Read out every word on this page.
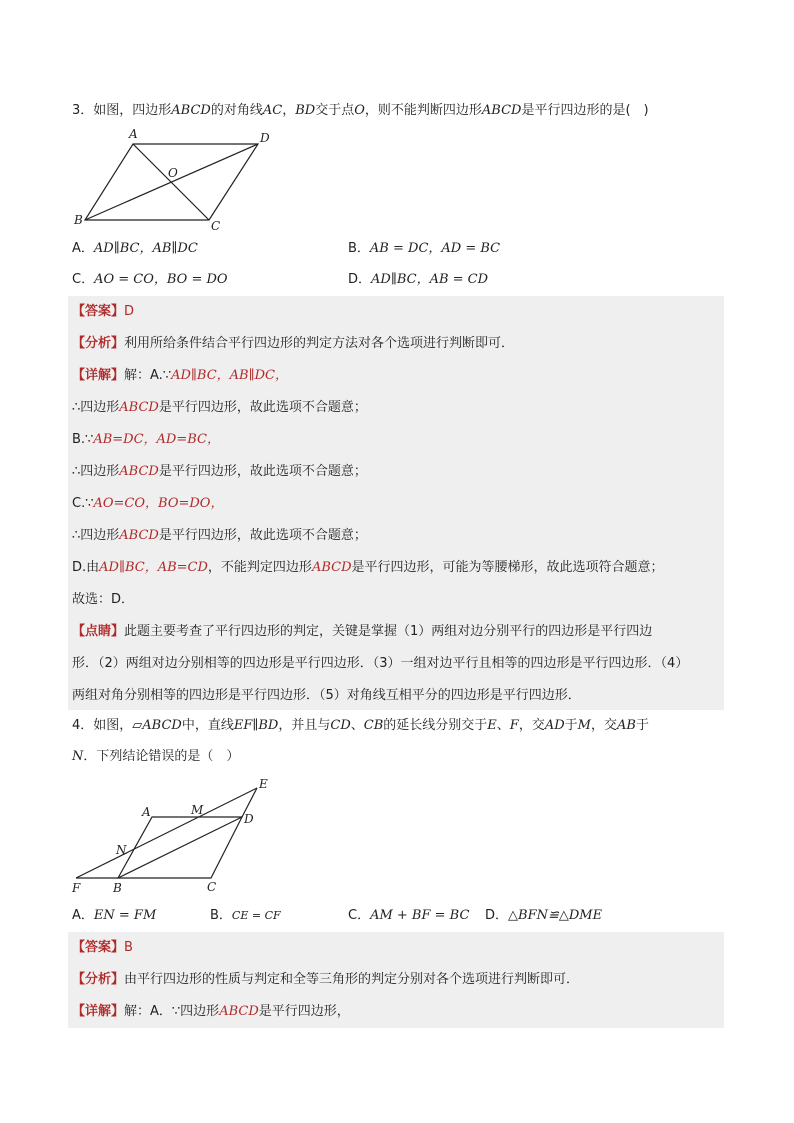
3．如图，四边形ABCD的对角线AC，BD交于点O，则不能判断四边形ABCD是平行四边形的是(　)
A	D
O
B	C
A．AD∥BC，AB∥DC	B．AB = DC，AD = BC
C．AO = CO，BO = DO	D．AD∥BC，AB = CD
【答案】D
【分析】利用所给条件结合平行四边形的判定方法对各个选项进行判断即可．
【详解】解：A.∵AD∥BC，AB∥DC，
∴四边形ABCD是平行四边形，故此选项不合题意；
B.∵AB=DC，AD=BC，
∴四边形ABCD是平行四边形，故此选项不合题意；
C.∵AO=CO，BO=DO，
∴四边形ABCD是平行四边形，故此选项不合题意；
D.由AD∥BC，AB=CD，不能判定四边形ABCD是平行四边形，可能为等腰梯形，故此选项符合题意；
故选：D．
【点睛】此题主要考查了平行四边形的判定，关键是掌握（1）两组对边分别平行的四边形是平行四边
形．（2）两组对边分别相等的四边形是平行四边形．（3）一组对边平行且相等的四边形是平行四边形．（4）
两组对角分别相等的四边形是平行四边形．（5）对角线互相平分的四边形是平行四边形．
4．如图，▱ABCD中，直线EF∥BD，并且与CD、CB的延长线分别交于E、F，交AD于M，交AB于
N．下列结论错误的是（　）
E
A	M
D
N
F	B	C
A．EN = FM	B．CE = CF	C．AM + BF = BC D．△BFN≌△DME
【答案】B
【分析】由平行四边形的性质与判定和全等三角形的判定分别对各个选项进行判断即可．
【详解】解：A．∵四边形ABCD是平行四边形，
